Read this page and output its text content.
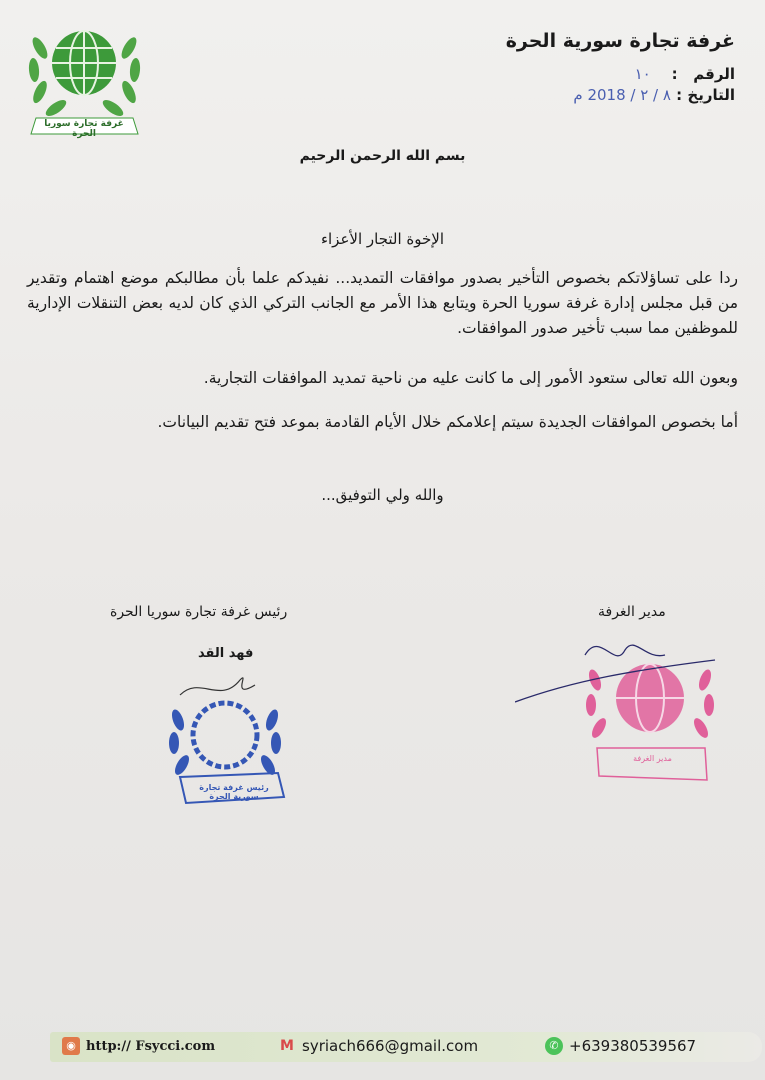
غرفة تجارة سوريا الحرة
غرفة تجارة سورية الحرة
الرقم   :    ١٠
التاريخ : ٨ / ٢ / 2018 م
بسم الله الرحمن الرحيم
الإخوة التجار الأعزاء
ردا على تساؤلاتكم بخصوص التأخير بصدور موافقات التمديد... نفيدكم علما بأن مطالبكم موضع اهتمام وتقدير من قبل مجلس إدارة غرفة سوريا الحرة ويتابع هذا الأمر مع الجانب التركي الذي كان لديه بعض التنقلات الإدارية للموظفين مما سبب تأخير صدور الموافقات.
وبعون الله تعالى ستعود الأمور إلى ما كانت عليه من ناحية تمديد الموافقات التجارية.
أما بخصوص الموافقات الجديدة سيتم إعلامكم خلال الأيام القادمة بموعد فتح تقديم البيانات.
والله ولي التوفيق...
رئيس غرفة تجارة سوريا الحرة
فهد القد
رئيس غرفة تجارة سورية الحرة
مدير الغرفة
مدير الغرفة
◉ http:// Fsycci.com	M syriach666@gmail.com	✆ +639380539567
